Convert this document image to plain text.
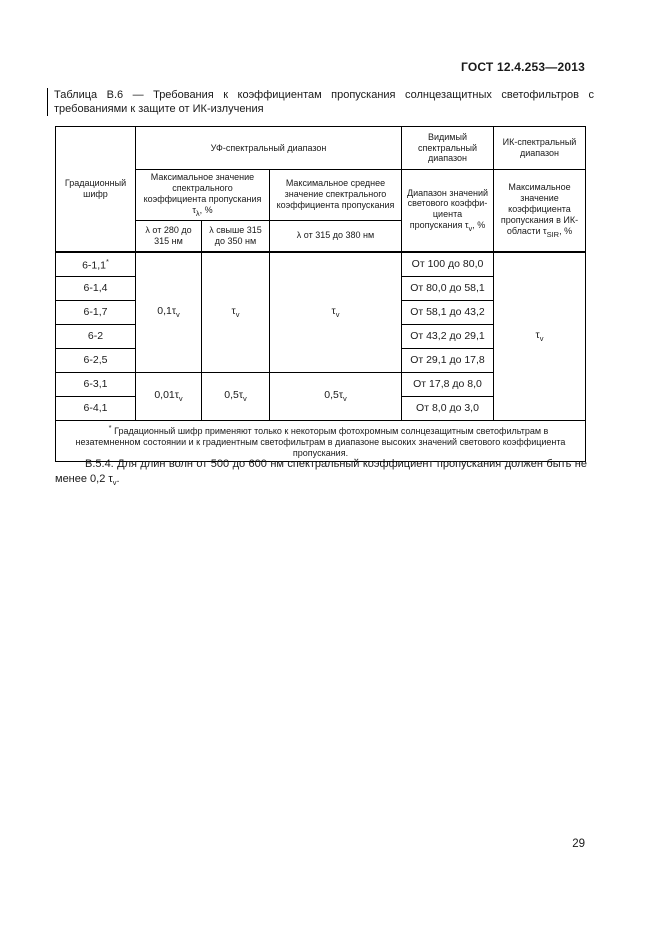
ГОСТ 12.4.253—2013
Таблица В.6 — Требования к коэффициентам пропускания солнцезащитных светофильтров с требованиями к защите от ИК-излучения
Градационный шифр	УФ-спектральный диапазон			Видимый спектральный диапазон	ИК-спектральный диапазон
	Максимальное значение спектрального коэффициента пропускания $\tau_\lambda$, %		Максимальное среднее значение спектрального коэффициента пропускания	Диапазон значений светового коэффи-циента пропускания $\tau_v$, %	Максимальное значение коэффициента пропускания в ИК-области $\tau_{SIR}$, %
	λ от 280 до 315 нм	λ свыше 315 до 350 нм	λ от 315 до 380 нм		
6-1,1*	$0,1\tau_v$	$\tau_v$	$\tau_v$	От 100 до 80,0	$\tau_v$
6-1,4				От 80,0 до 58,1	
6-1,7				От 58,1 до 43,2	
6-2				От 43,2 до 29,1	
6-2,5				От 29,1 до 17,8	
6-3,1	$0,01\tau_v$	$0,5\tau_v$	$0,5\tau_v$	От 17,8 до 8,0	
6-4,1				От 8,0 до 3,0	
* Градационный шифр применяют только к некоторым фотохромным солнцезащитным светофильтрам в незатемненном состоянии и к градиентным светофильтрам в диапазоне высоких значений светового коэффициента пропускания.					

В.5.4. Для длин волн от 500 до 600 нм спектральный коэффициент пропускания должен быть не менее 0,2 $\tau_v$.

29
